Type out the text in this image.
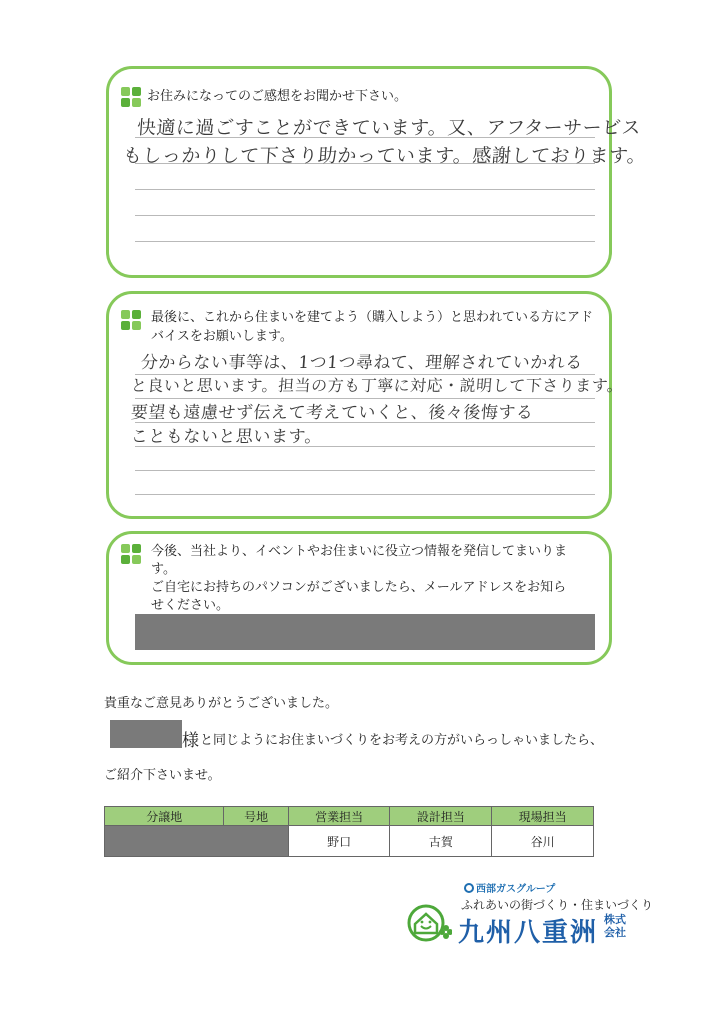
お住みになってのご感想をお聞かせ下さい。
快適に過ごすことができています。又、アフターサービス
もしっかりして下さり助かっています。感謝しております。
最後に、これから住まいを建てよう（購入しよう）と思われている方にアド
バイスをお願いします。
分からない事等は、1つ1つ尋ねて、理解されていかれる
と良いと思います。担当の方も丁寧に対応・説明して下さります。
要望も遠慮せず伝えて考えていくと、後々後悔する
こともないと思います。
今後、当社より、イベントやお住まいに役立つ情報を発信してまいりま
す。
ご自宅にお持ちのパソコンがございましたら、メールアドレスをお知ら
せください。
貴重なご意見ありがとうございました。
様 と同じようにお住まいづくりをお考えの方がいらっしゃいましたら、
ご紹介下さいませ。
分譲地	号地	営業担当	設計担当	現場担当
		野口	古賀	谷川
西部ガスグループ
ふれあいの街づくり・住まいづくり
九州八重洲 株式
会社
